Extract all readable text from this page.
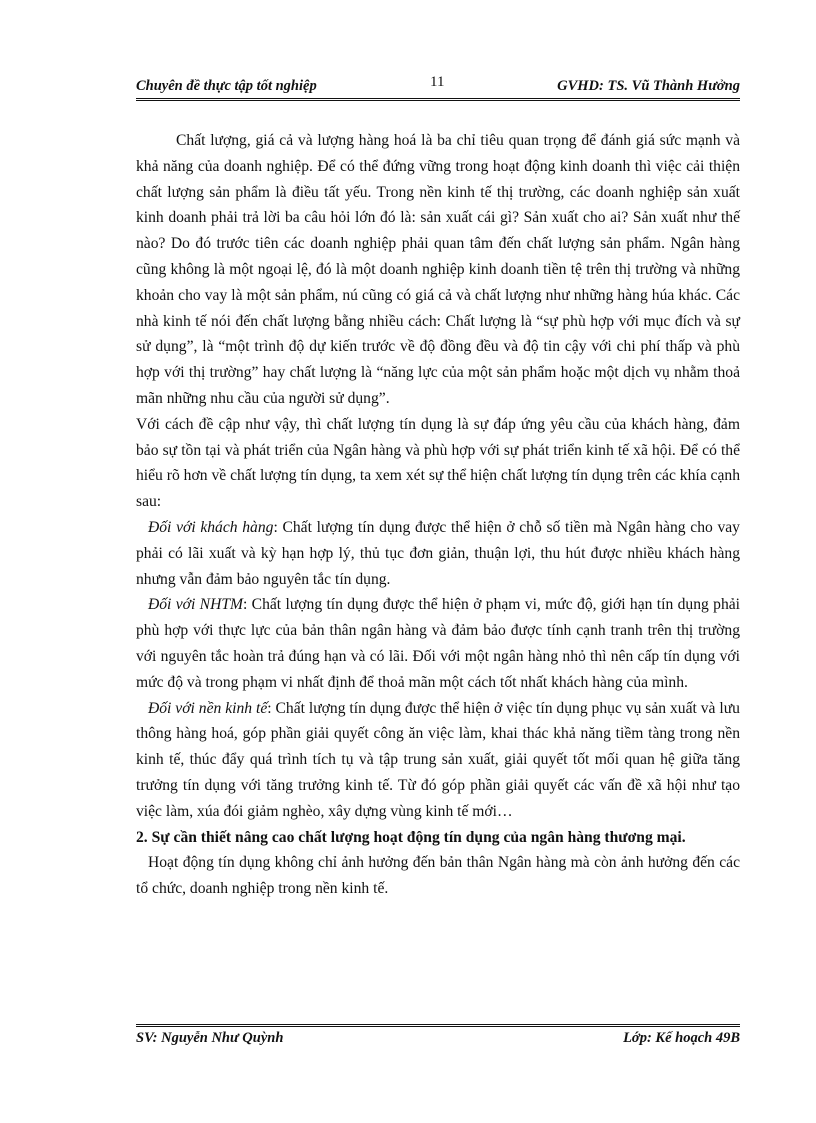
Chuyên đề thực tập tốt nghiệp	11	GVHD: TS. Vũ Thành Hưởng

Chất lượng, giá cả và lượng hàng hoá là ba chỉ tiêu quan trọng để đánh giá sức mạnh và khả năng của doanh nghiệp. Để có thể đứng vững trong hoạt động kinh doanh thì việc cải thiện chất lượng sản phẩm là điều tất yếu. Trong nền kinh tế thị trường, các doanh nghiệp sản xuất kinh doanh phải trả lời ba câu hỏi lớn đó là: sản xuất cái gì? Sản xuất cho ai? Sản xuất như thế nào? Do đó trước tiên các doanh nghiệp phải quan tâm đến chất lượng sản phẩm. Ngân hàng cũng không là một ngoại lệ, đó là một doanh nghiệp kinh doanh tiền tệ trên thị trường và những khoản cho vay là một sản phẩm, nú cũng có giá cả và chất lượng như những hàng húa khác. Các nhà kinh tế nói đến chất lượng bằng nhiều cách: Chất lượng là “sự phù hợp với mục đích và sự sử dụng”, là “một trình độ dự kiến trước về độ đồng đều và độ tin cậy với chi phí thấp và phù hợp với thị trường” hay chất lượng là “năng lực của một sản phẩm hoặc một dịch vụ nhằm thoả mãn những nhu cầu của người sử dụng”.

Với cách đề cập như vậy, thì chất lượng tín dụng là sự đáp ứng yêu cầu của khách hàng, đảm bảo sự tồn tại và phát triển của Ngân hàng và phù hợp với sự phát triển kinh tế xã hội. Để có thể hiểu rõ hơn về chất lượng tín dụng, ta xem xét sự thể hiện chất lượng tín dụng trên các khía cạnh sau:

Đối với khách hàng: Chất lượng tín dụng được thể hiện ở chỗ số tiền mà Ngân hàng cho vay phải có lãi xuất và kỳ hạn hợp lý, thủ tục đơn giản, thuận lợi, thu hút được nhiều khách hàng nhưng vẫn đảm bảo nguyên tắc tín dụng.

Đối với NHTM: Chất lượng tín dụng được thể hiện ở phạm vi, mức độ, giới hạn tín dụng phải phù hợp với thực lực của bản thân ngân hàng và đảm bảo được tính cạnh tranh trên thị trường với nguyên tắc hoàn trả đúng hạn và có lãi. Đối với một ngân hàng nhỏ thì nên cấp tín dụng với mức độ và trong phạm vi nhất định để thoả mãn một cách tốt nhất khách hàng của mình.

Đối với nền kinh tế: Chất lượng tín dụng được thể hiện ở việc tín dụng phục vụ sản xuất và lưu thông hàng hoá, góp phần giải quyết công ăn việc làm, khai thác khả năng tiềm tàng trong nền kinh tế, thúc đẩy quá trình tích tụ và tập trung sản xuất, giải quyết tốt mối quan hệ giữa tăng trưởng tín dụng với tăng trưởng kinh tế. Từ đó góp phần giải quyết các vấn đề xã hội như tạo việc làm, xúa đói giảm nghèo, xây dựng vùng kinh tế mới…

2. Sự cần thiết nâng cao chất lượng hoạt động tín dụng của ngân hàng thương mại.

Hoạt động tín dụng không chỉ ảnh hưởng đến bản thân Ngân hàng mà còn ảnh hưởng đến các tổ chức, doanh nghiệp trong nền kinh tế.

SV: Nguyễn Như Quỳnh	Lớp: Kế hoạch 49B
